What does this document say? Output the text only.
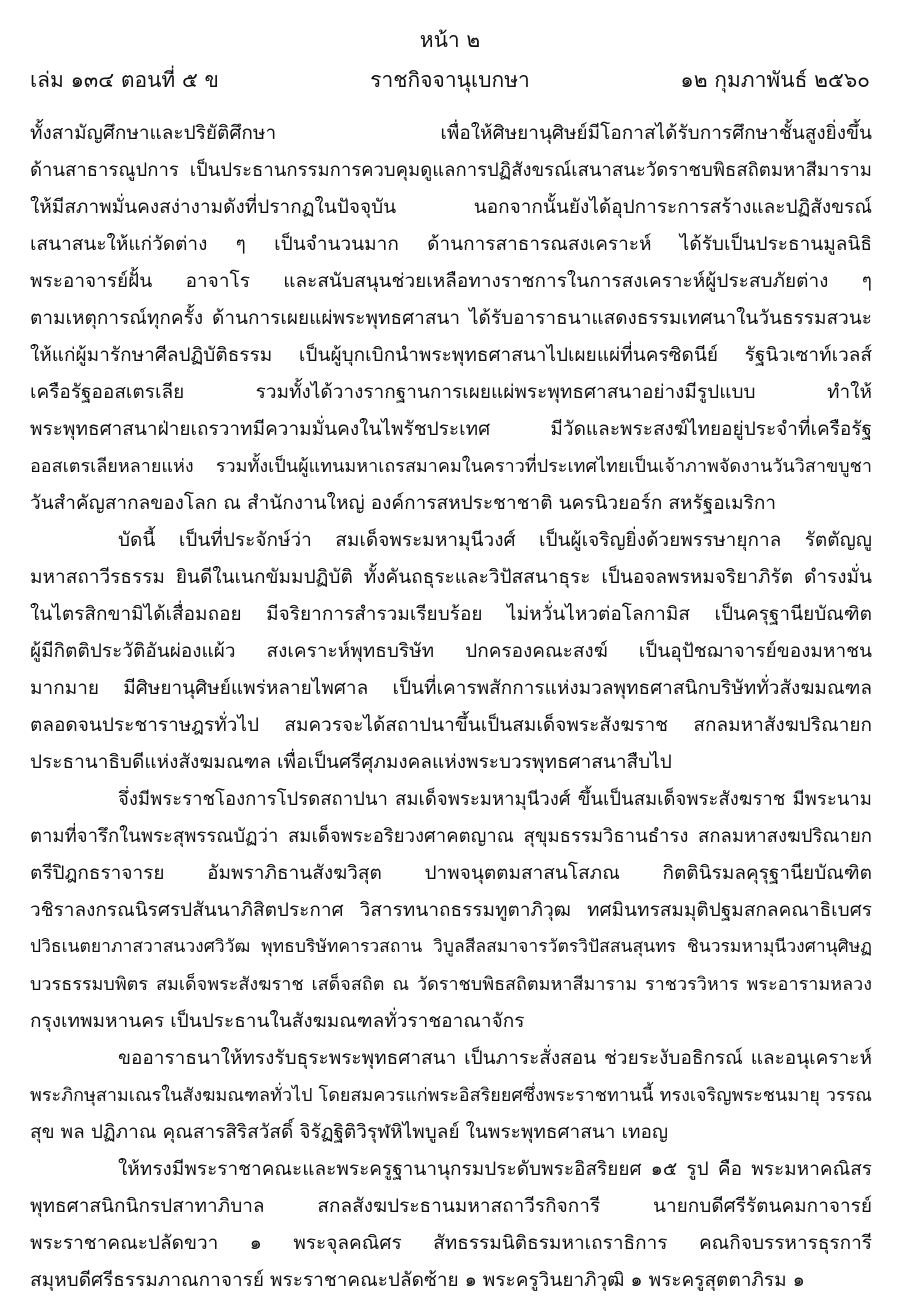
หน้า ๒
เล่ม ๑๓๔ ตอนที่ ๕ ข	ราชกิจจานุเบกษา	๑๒ กุมภาพันธ์ ๒๕๖๐
ทั้งสามัญศึกษาและปริยัติศึกษา เพื่อให้ศิษยานุศิษย์มีโอกาสได้รับการศึกษาชั้นสูงยิ่งขึ้น
ด้านสาธารณูปการ เป็นประธานกรรมการควบคุมดูแลการปฏิสังขรณ์เสนาสนะวัดราชบพิธสถิตมหาสีมาราม
ให้มีสภาพมั่นคงสง่างามดังที่ปรากฏในปัจจุบัน นอกจากนั้นยังได้อุปการะการสร้างและปฏิสังขรณ์
เสนาสนะให้แก่วัดต่าง ๆ เป็นจำนวนมาก ด้านการสาธารณสงเคราะห์ ได้รับเป็นประธานมูลนิธิ
พระอาจารย์ฝั้น อาจาโร และสนับสนุนช่วยเหลือทางราชการในการสงเคราะห์ผู้ประสบภัยต่าง ๆ
ตามเหตุการณ์ทุกครั้ง ด้านการเผยแผ่พระพุทธศาสนา ได้รับอาราธนาแสดงธรรมเทศนาในวันธรรมสวนะ
ให้แก่ผู้มารักษาศีลปฏิบัติธรรม เป็นผู้บุกเบิกนำพระพุทธศาสนาไปเผยแผ่ที่นครซิดนีย์ รัฐนิวเซาท์เวลส์
เครือรัฐออสเตรเลีย รวมทั้งได้วางรากฐานการเผยแผ่พระพุทธศาสนาอย่างมีรูปแบบ ทำให้
พระพุทธศาสนาฝ่ายเถรวาทมีความมั่นคงในไพรัชประเทศ มีวัดและพระสงฆ์ไทยอยู่ประจำที่เครือรัฐ
ออสเตรเลียหลายแห่ง รวมทั้งเป็นผู้แทนมหาเถรสมาคมในคราวที่ประเทศไทยเป็นเจ้าภาพจัดงานวันวิสาขบูชา
วันสำคัญสากลของโลก ณ สำนักงานใหญ่ องค์การสหประชาชาติ นครนิวยอร์ก สหรัฐอเมริกา
บัดนี้ เป็นที่ประจักษ์ว่า สมเด็จพระมหามุนีวงศ์ เป็นผู้เจริญยิ่งด้วยพรรษายุกาล รัตตัญญู
มหาสถาวีรธรรม ยินดีในเนกขัมมปฏิบัติ ทั้งคันถธุระและวิปัสสนาธุระ เป็นอจลพรหมจริยาภิรัต ดำรงมั่น
ในไตรสิกขามิได้เสื่อมถอย มีจริยาการสำรวมเรียบร้อย ไม่หวั่นไหวต่อโลกามิส เป็นครุฐานียบัณฑิต
ผู้มีกิตติประวัติอันผ่องแผ้ว สงเคราะห์พุทธบริษัท ปกครองคณะสงฆ์ เป็นอุปัชฌาจารย์ของมหาชน
มากมาย มีศิษยานุศิษย์แพร่หลายไพศาล เป็นที่เคารพสักการแห่งมวลพุทธศาสนิกบริษัททั่วสังฆมณฑล
ตลอดจนประชาราษฎรทั่วไป สมควรจะได้สถาปนาขึ้นเป็นสมเด็จพระสังฆราช สกลมหาสังฆปริณายก
ประธานาธิบดีแห่งสังฆมณฑล เพื่อเป็นศรีศุภมงคลแห่งพระบวรพุทธศาสนาสืบไป
จึ่งมีพระราชโองการโปรดสถาปนา สมเด็จพระมหามุนีวงศ์ ขึ้นเป็นสมเด็จพระสังฆราช มีพระนาม
ตามที่จารึกในพระสุพรรณบัฏว่า สมเด็จพระอริยวงศาคตญาณ สุขุมธรรมวิธานธำรง สกลมหาสงฆปริณายก
ตรีปิฎกธราจารย อัมพราภิธานสังฆวิสุต ปาพจนุตตมสาสนโสภณ กิตตินิรมลคุรุฐานียบัณฑิต
วชิราลงกรณนิรศรปสันนาภิสิตประกาศ วิสารทนาถธรรมทูตาภิวุฒ ทศมินทรสมมุติปฐมสกลคณาธิเบศร
ปวิธเนตยาภาสวาสนวงศวิวัฒ พุทธบริษัทคารวสถาน วิบูลสีลสมาจารวัตรวิปัสสนสุนทร ชินวรมหามุนีวงศานุศิษฏ
บวรธรรมบพิตร สมเด็จพระสังฆราช เสด็จสถิต ณ วัดราชบพิธสถิตมหาสีมาราม ราชวรวิหาร พระอารามหลวง
กรุงเทพมหานคร เป็นประธานในสังฆมณฑลทั่วราชอาณาจักร
ขออาราธนาให้ทรงรับธุระพระพุทธศาสนา เป็นภาระสั่งสอน ช่วยระงับอธิกรณ์ และอนุเคราะห์
พระภิกษุสามเณรในสังฆมณฑลทั่วไป โดยสมควรแก่พระอิสริยยศซึ่งพระราชทานนี้ ทรงเจริญพระชนมายุ วรรณ
สุข พล ปฏิภาณ คุณสารสิริสวัสดิ์ จิรัฏฐิติวิรุฬหิไพบูลย์ ในพระพุทธศาสนา เทอญ
ให้ทรงมีพระราชาคณะและพระครูฐานานุกรมประดับพระอิสริยยศ ๑๕ รูป คือ พระมหาคณิสร
พุทธศาสนิกนิกรปสาทาภิบาล สกลสังฆประธานมหาสถาวีรกิจการี นายกบดีศรีรัตนคมกาจารย์
พระราชาคณะปลัดขวา ๑ พระจุลคณิศร สัทธรรมนิติธรมหาเถราธิการ คณกิจบรรหารธุรการี
สมุหบดีศรีธรรมภาณกาจารย์ พระราชาคณะปลัดซ้าย ๑ พระครูวินยาภิวุฒิ ๑ พระครูสุตตาภิรม ๑
